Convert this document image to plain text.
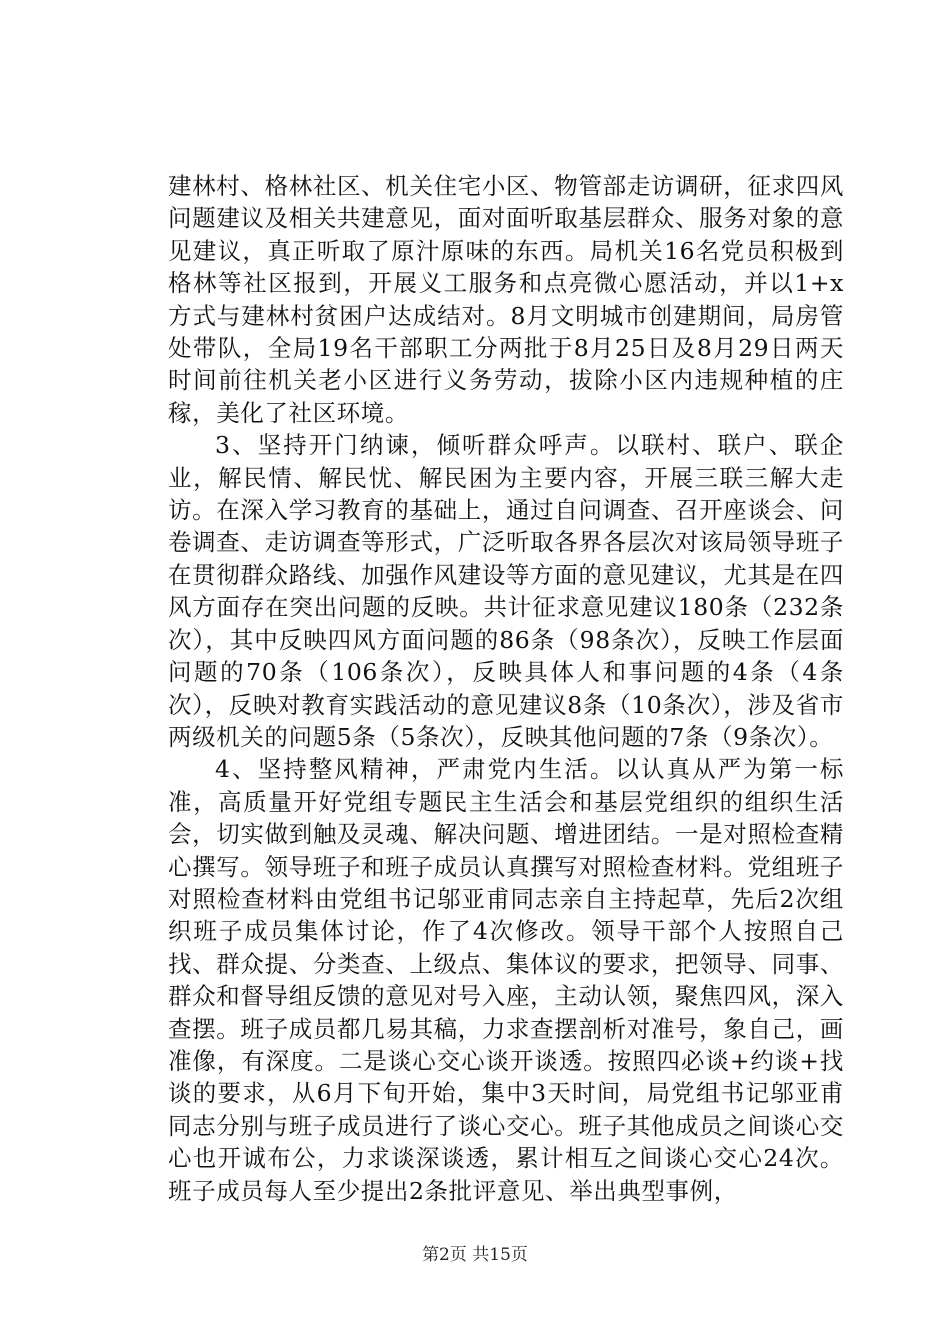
建林村、格林社区、机关住宅小区、物管部走访调研，征求四风问题建议及相关共建意见，面对面听取基层群众、服务对象的意见建议，真正听取了原汁原味的东西。局机关16名党员积极到格林等社区报到，开展义工服务和点亮微心愿活动，并以1+x方式与建林村贫困户达成结对。8月文明城市创建期间，局房管处带队，全局19名干部职工分两批于8月25日及8月29日两天时间前往机关老小区进行义务劳动，拔除小区内违规种植的庄稼，美化了社区环境。

3、坚持开门纳谏，倾听群众呼声。以联村、联户、联企业，解民情、解民忧、解民困为主要内容，开展三联三解大走访。在深入学习教育的基础上，通过自问调查、召开座谈会、问卷调查、走访调查等形式，广泛听取各界各层次对该局领导班子在贯彻群众路线、加强作风建设等方面的意见建议，尤其是在四风方面存在突出问题的反映。共计征求意见建议180条（232条次），其中反映四风方面问题的86条（98条次），反映工作层面问题的70条（106条次），反映具体人和事问题的4条（4条次），反映对教育实践活动的意见建议8条（10条次），涉及省市两级机关的问题5条（5条次），反映其他问题的7条（9条次）。

4、坚持整风精神，严肃党内生活。以认真从严为第一标准，高质量开好党组专题民主生活会和基层党组织的组织生活会，切实做到触及灵魂、解决问题、增进团结。一是对照检查精心撰写。领导班子和班子成员认真撰写对照检查材料。党组班子对照检查材料由党组书记邬亚甫同志亲自主持起草，先后2次组织班子成员集体讨论，作了4次修改。领导干部个人按照自己找、群众提、分类查、上级点、集体议的要求，把领导、同事、群众和督导组反馈的意见对号入座，主动认领，聚焦四风，深入查摆。班子成员都几易其稿，力求查摆剖析对准号，象自己，画准像，有深度。二是谈心交心谈开谈透。按照四必谈+约谈+找谈的要求，从6月下旬开始，集中3天时间，局党组书记邬亚甫同志分别与班子成员进行了谈心交心。班子其他成员之间谈心交心也开诚布公，力求谈深谈透，累计相互之间谈心交心24次。班子成员每人至少提出2条批评意见、举出典型事例，

第2页 共15页
